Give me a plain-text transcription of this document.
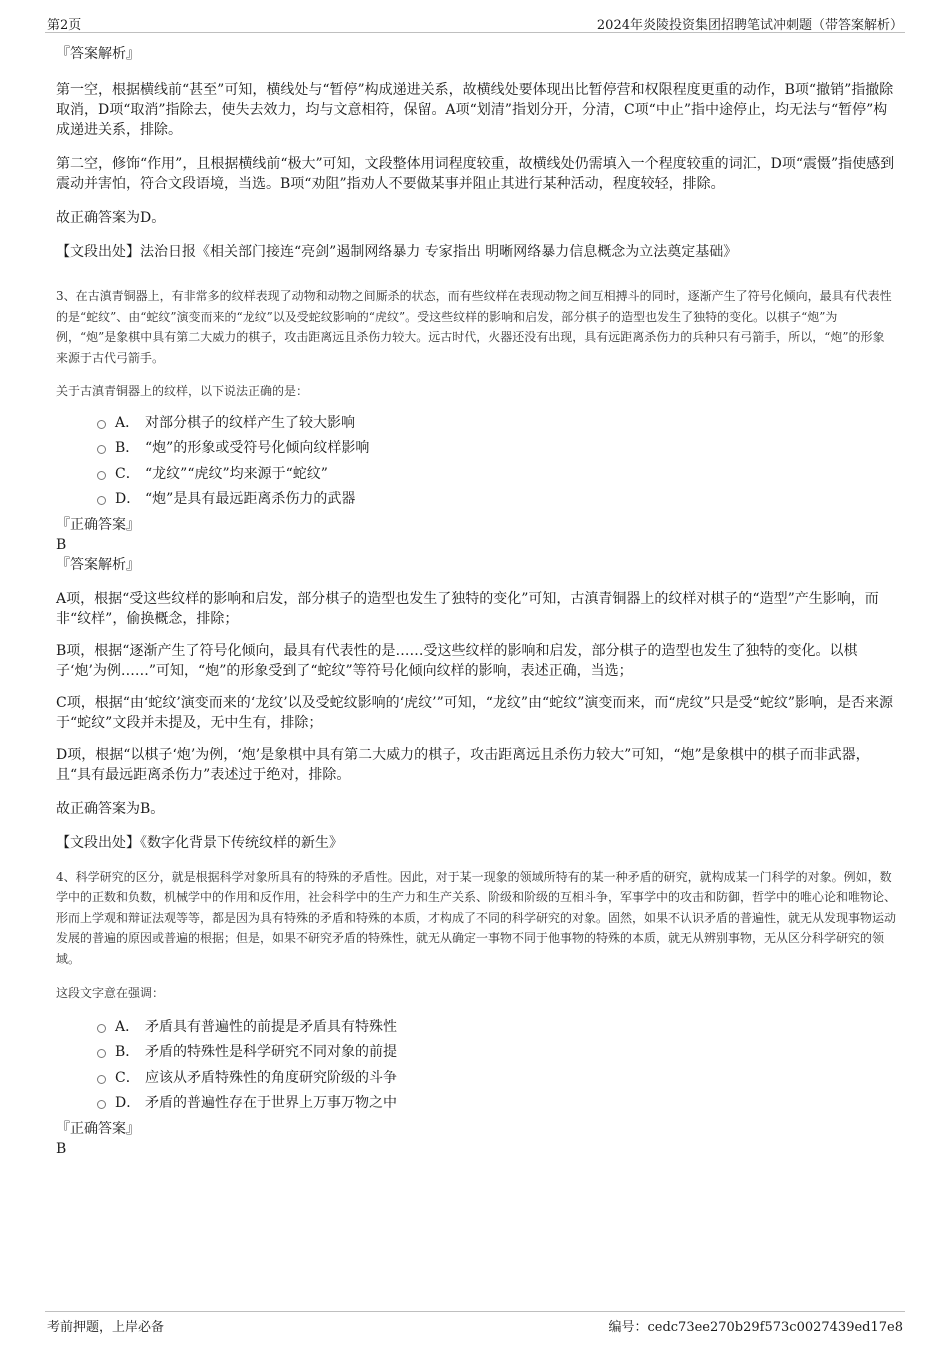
第2页	2024年炎陵投资集团招聘笔试冲刺题（带答案解析）

『答案解析』

第一空，根据横线前“甚至”可知，横线处与“暂停”构成递进关系，故横线处要体现出比暂停营和权限程度更重的动作，B项“撤销”指撤除取消，D项“取消”指除去，使失去效力，均与文意相符，保留。A项“划清”指划分开，分清，C项“中止”指中途停止，均无法与“暂停”构成递进关系，排除。

第二空，修饰“作用”，且根据横线前“极大”可知，文段整体用词程度较重，故横线处仍需填入一个程度较重的词汇，D项“震慑”指使感到震动并害怕，符合文段语境，当选。B项“劝阻”指劝人不要做某事并阻止其进行某种活动，程度较轻，排除。

故正确答案为D。

【文段出处】法治日报《相关部门接连“亮剑”遏制网络暴力 专家指出 明晰网络暴力信息概念为立法奠定基础》

3、在古滇青铜器上，有非常多的纹样表现了动物和动物之间厮杀的状态，而有些纹样在表现动物之间互相搏斗的同时，逐渐产生了符号化倾向，最具有代表性的是“蛇纹”、由“蛇纹”演变而来的“龙纹”以及受蛇纹影响的“虎纹”。受这些纹样的影响和启发，部分棋子的造型也发生了独特的变化。以棋子“炮”为例，“炮”是象棋中具有第二大威力的棋子，攻击距离远且杀伤力较大。远古时代，火器还没有出现，具有远距离杀伤力的兵种只有弓箭手，所以，“炮”的形象来源于古代弓箭手。

关于古滇青铜器上的纹样，以下说法正确的是：

A． 对部分棋子的纹样产生了较大影响
B． “炮”的形象或受符号化倾向纹样影响
C． “龙纹”“虎纹”均来源于“蛇纹”
D． “炮”是具有最远距离杀伤力的武器

『正确答案』

B

『答案解析』

A项，根据“受这些纹样的影响和启发，部分棋子的造型也发生了独特的变化”可知，古滇青铜器上的纹样对棋子的“造型”产生影响，而非“纹样”，偷换概念，排除；

B项，根据“逐渐产生了符号化倾向，最具有代表性的是……受这些纹样的影响和启发，部分棋子的造型也发生了独特的变化。以棋子‘炮’为例……”可知，“炮”的形象受到了“蛇纹”等符号化倾向纹样的影响，表述正确，当选；

C项，根据“由‘蛇纹’演变而来的‘龙纹’以及受蛇纹影响的‘虎纹’”可知，“龙纹”由“蛇纹”演变而来，而“虎纹”只是受“蛇纹”影响，是否来源于“蛇纹”文段并未提及，无中生有，排除；

D项，根据“以棋子‘炮’为例，‘炮’是象棋中具有第二大威力的棋子，攻击距离远且杀伤力较大”可知，“炮”是象棋中的棋子而非武器，且“具有最远距离杀伤力”表述过于绝对，排除。

故正确答案为B。

【文段出处】《数字化背景下传统纹样的新生》

4、科学研究的区分，就是根据科学对象所具有的特殊的矛盾性。因此，对于某一现象的领域所特有的某一种矛盾的研究，就构成某一门科学的对象。例如，数学中的正数和负数，机械学中的作用和反作用，社会科学中的生产力和生产关系、阶级和阶级的互相斗争，军事学中的攻击和防御，哲学中的唯心论和唯物论、形而上学观和辩证法观等等，都是因为具有特殊的矛盾和特殊的本质，才构成了不同的科学研究的对象。固然，如果不认识矛盾的普遍性，就无从发现事物运动发展的普遍的原因或普遍的根据；但是，如果不研究矛盾的特殊性，就无从确定一事物不同于他事物的特殊的本质，就无从辨别事物，无从区分科学研究的领域。

这段文字意在强调：

A． 矛盾具有普遍性的前提是矛盾具有特殊性
B． 矛盾的特殊性是科学研究不同对象的前提
C． 应该从矛盾特殊性的角度研究阶级的斗争
D． 矛盾的普遍性存在于世界上万事万物之中

『正确答案』

B

考前押题，上岸必备	编号：cedc73ee270b29f573c0027439ed17e8
